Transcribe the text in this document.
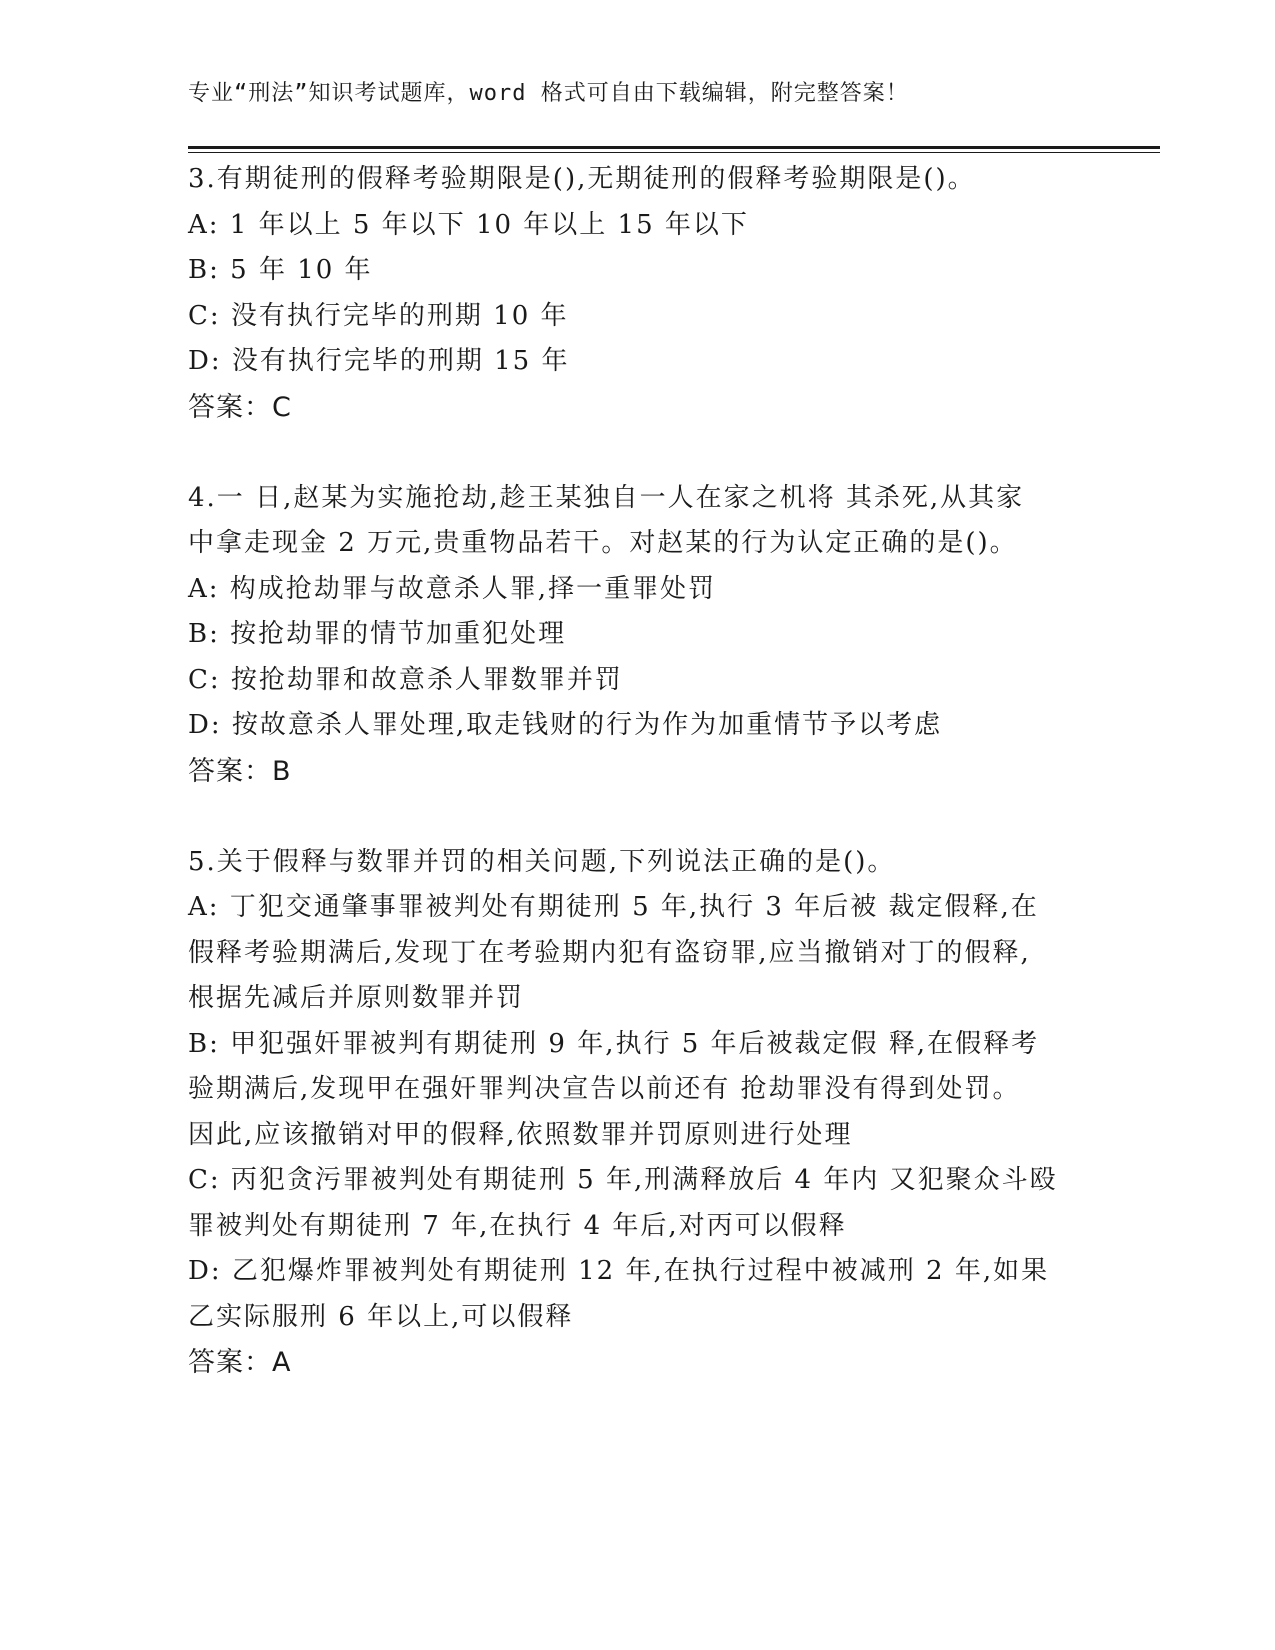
专业“刑法”知识考试题库，word 格式可自由下载编辑，附完整答案！
3.有期徒刑的假释考验期限是(),无期徒刑的假释考验期限是()。
A: 1 年以上 5 年以下 10 年以上 15 年以下
B: 5 年 10 年
C: 没有执行完毕的刑期 10 年
D: 没有执行完毕的刑期 15 年
答案：C
4.一 日,赵某为实施抢劫,趁王某独自一人在家之机将 其杀死,从其家
中拿走现金 2 万元,贵重物品若干。对赵某的行为认定正确的是()。
A: 构成抢劫罪与故意杀人罪,择一重罪处罚
B: 按抢劫罪的情节加重犯处理
C: 按抢劫罪和故意杀人罪数罪并罚
D: 按故意杀人罪处理,取走钱财的行为作为加重情节予以考虑
答案：B
5.关于假释与数罪并罚的相关问题,下列说法正确的是()。
A: 丁犯交通肇事罪被判处有期徒刑 5 年,执行 3 年后被 裁定假释,在
假释考验期满后,发现丁在考验期内犯有盗窃罪,应当撤销对丁的假释,
根据先减后并原则数罪并罚
B: 甲犯强奸罪被判有期徒刑 9 年,执行 5 年后被裁定假 释,在假释考
验期满后,发现甲在强奸罪判决宣告以前还有 抢劫罪没有得到处罚。
因此,应该撤销对甲的假释,依照数罪并罚原则进行处理
C: 丙犯贪污罪被判处有期徒刑 5 年,刑满释放后 4 年内 又犯聚众斗殴
罪被判处有期徒刑 7 年,在执行 4 年后,对丙可以假释
D: 乙犯爆炸罪被判处有期徒刑 12 年,在执行过程中被减刑 2 年,如果
乙实际服刑 6 年以上,可以假释
答案：A
